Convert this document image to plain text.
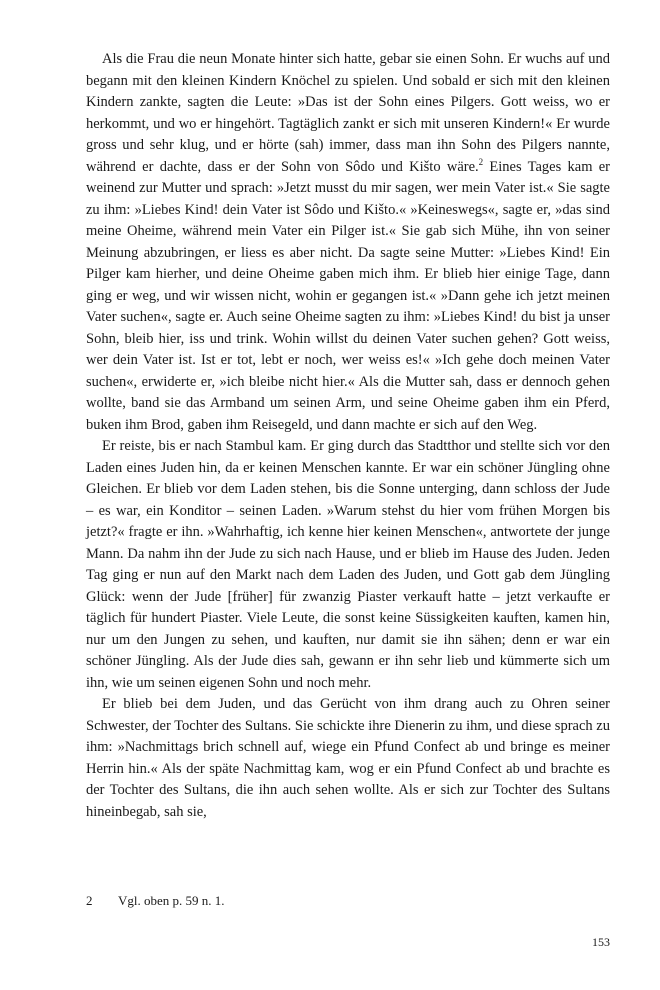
Als die Frau die neun Monate hinter sich hatte, gebar sie einen Sohn. Er wuchs auf und begann mit den kleinen Kindern Knöchel zu spielen. Und sobald er sich mit den kleinen Kindern zankte, sagten die Leute: »Das ist der Sohn eines Pilgers. Gott weiss, wo er herkommt, und wo er hingehört. Tagtäglich zankt er sich mit unseren Kindern!« Er wurde gross und sehr klug, und er hörte (sah) immer, dass man ihn Sohn des Pilgers nannte, während er dachte, dass er der Sohn von Sôdo und Kišto wäre.$^2$ Eines Tages kam er weinend zur Mutter und sprach: »Jetzt musst du mir sagen, wer mein Vater ist.« Sie sagte zu ihm: »Liebes Kind! dein Vater ist Sôdo und Kišto.« »Keineswegs«, sagte er, »das sind meine Oheime, während mein Vater ein Pilger ist.« Sie gab sich Mühe, ihn von seiner Meinung abzubringen, er liess es aber nicht. Da sagte seine Mutter: »Liebes Kind! Ein Pilger kam hierher, und deine Oheime gaben mich ihm. Er blieb hier einige Tage, dann ging er weg, und wir wissen nicht, wohin er gegangen ist.« »Dann gehe ich jetzt meinen Vater suchen«, sagte er. Auch seine Oheime sagten zu ihm: »Liebes Kind! du bist ja unser Sohn, bleib hier, iss und trink. Wohin willst du deinen Vater suchen gehen? Gott weiss, wer dein Vater ist. Ist er tot, lebt er noch, wer weiss es!« »Ich gehe doch meinen Vater suchen«, erwiderte er, »ich bleibe nicht hier.« Als die Mutter sah, dass er dennoch gehen wollte, band sie das Armband um seinen Arm, und seine Oheime gaben ihm ein Pferd, buken ihm Brod, gaben ihm Reisegeld, und dann machte er sich auf den Weg.

Er reiste, bis er nach Stambul kam. Er ging durch das Stadtthor und stellte sich vor den Laden eines Juden hin, da er keinen Menschen kannte. Er war ein schöner Jüngling ohne Gleichen. Er blieb vor dem Laden stehen, bis die Sonne unterging, dann schloss der Jude – es war, ein Konditor – seinen Laden. »Warum stehst du hier vom frühen Morgen bis jetzt?« fragte er ihn. »Wahrhaftig, ich kenne hier keinen Menschen«, antwortete der junge Mann. Da nahm ihn der Jude zu sich nach Hause, und er blieb im Hause des Juden. Jeden Tag ging er nun auf den Markt nach dem Laden des Juden, und Gott gab dem Jüngling Glück: wenn der Jude [früher] für zwanzig Piaster verkauft hatte – jetzt verkaufte er täglich für hundert Piaster. Viele Leute, die sonst keine Süssigkeiten kauften, kamen hin, nur um den Jungen zu sehen, und kauften, nur damit sie ihn sähen; denn er war ein schöner Jüngling. Als der Jude dies sah, gewann er ihn sehr lieb und kümmerte sich um ihn, wie um seinen eigenen Sohn und noch mehr.

Er blieb bei dem Juden, und das Gerücht von ihm drang auch zu Ohren seiner Schwester, der Tochter des Sultans. Sie schickte ihre Dienerin zu ihm, und diese sprach zu ihm: »Nachmittags brich schnell auf, wiege ein Pfund Confect ab und bringe es meiner Herrin hin.« Als der späte Nachmittag kam, wog er ein Pfund Confect ab und brachte es der Tochter des Sultans, die ihn auch sehen wollte. Als er sich zur Tochter des Sultans hineinbegab, sah sie,

2 Vgl. oben p. 59 n. 1.
153
